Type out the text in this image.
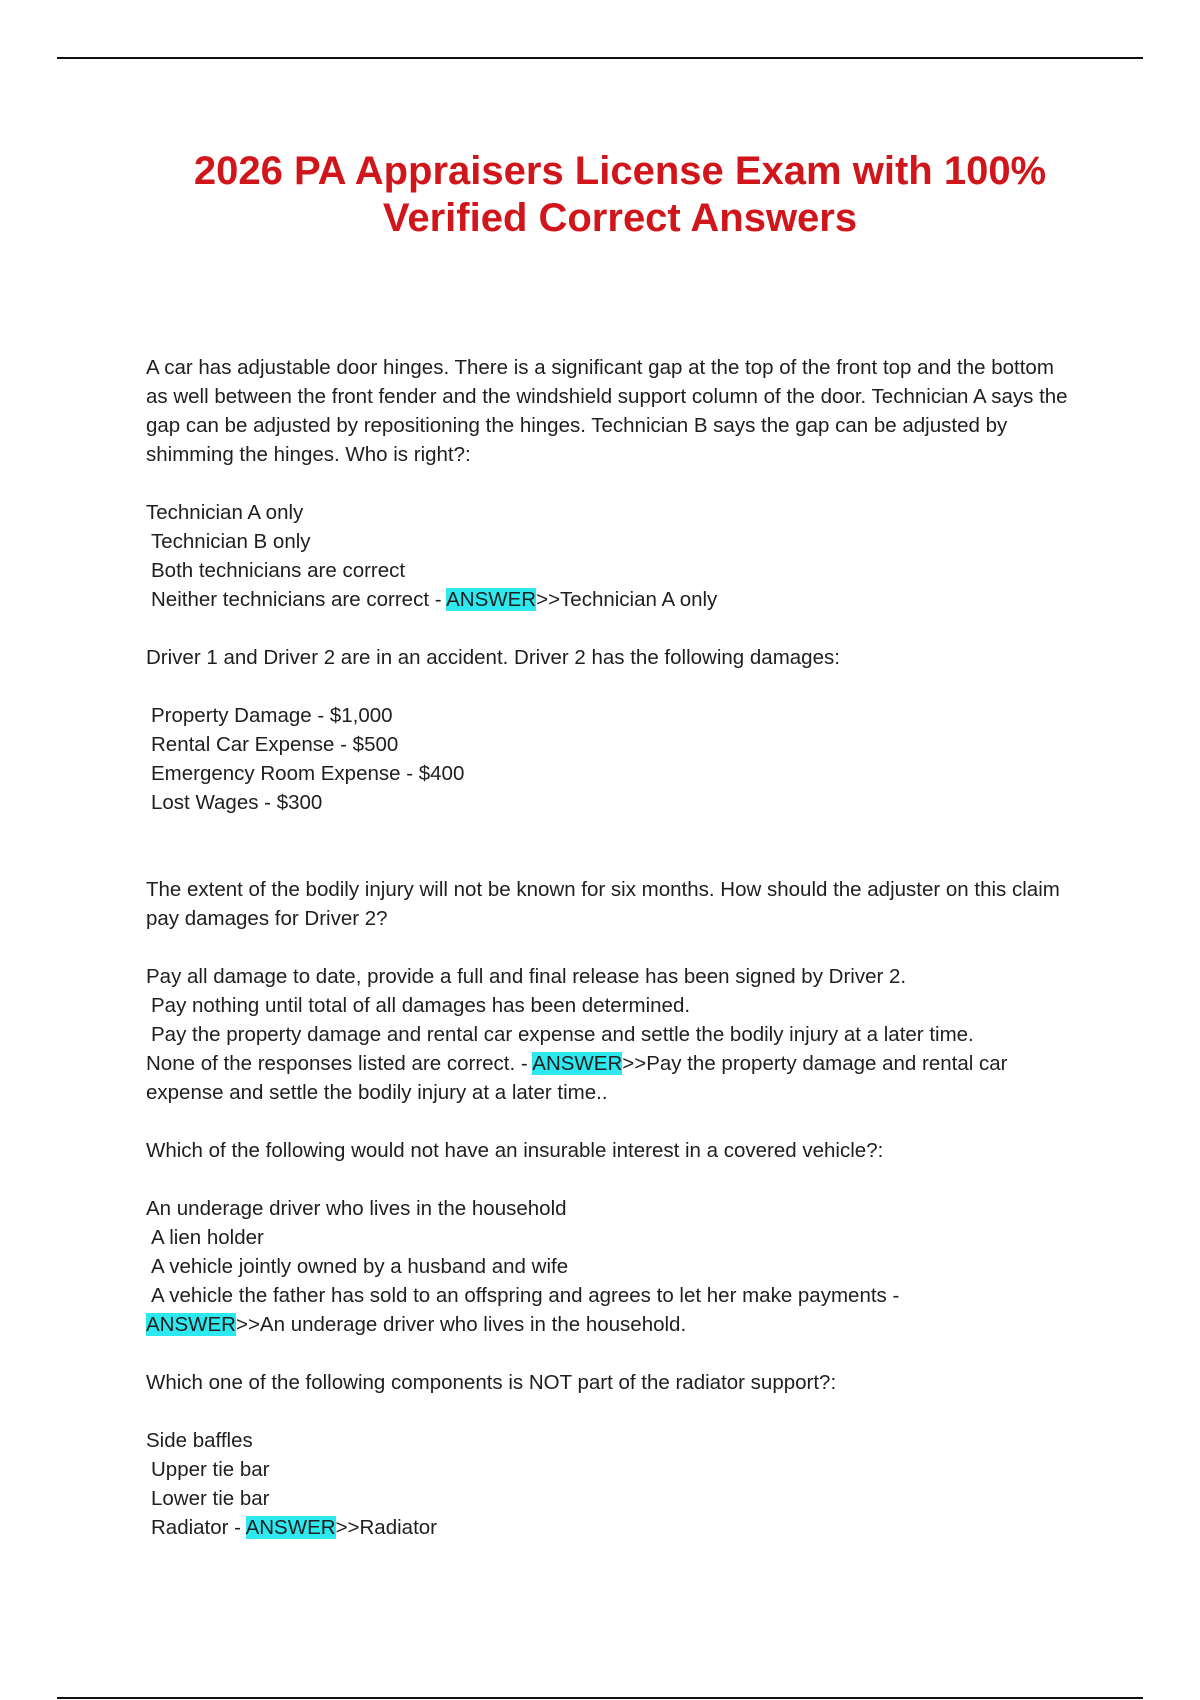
2026 PA Appraisers License Exam with 100%
Verified Correct Answers

A car has adjustable door hinges. There is a significant gap at the top of the front top and the bottom as well between the front fender and the windshield support column of the door. Technician A says the gap can be adjusted by repositioning the hinges. Technician B says the gap can be adjusted by shimming the hinges. Who is right?:

Technician A only

Technician B only

Both technicians are correct

Neither technicians are correct - ANSWER>>Technician A only

Driver 1 and Driver 2 are in an accident. Driver 2 has the following damages:

Property Damage - $1,000

Rental Car Expense - $500

Emergency Room Expense - $400

Lost Wages - $300

The extent of the bodily injury will not be known for six months. How should the adjuster on this claim pay damages for Driver 2?

Pay all damage to date, provide a full and final release has been signed by Driver 2.

Pay nothing until total of all damages has been determined.

Pay the property damage and rental car expense and settle the bodily injury at a later time.

None of the responses listed are correct. - ANSWER>>Pay the property damage and rental car expense and settle the bodily injury at a later time..

Which of the following would not have an insurable interest in a covered vehicle?:

An underage driver who lives in the household

A lien holder

A vehicle jointly owned by a husband and wife

A vehicle the father has sold to an offspring and agrees to let her make payments -
ANSWER>>An underage driver who lives in the household.

Which one of the following components is NOT part of the radiator support?:

Side baffles

Upper tie bar

Lower tie bar

Radiator - ANSWER>>Radiator
